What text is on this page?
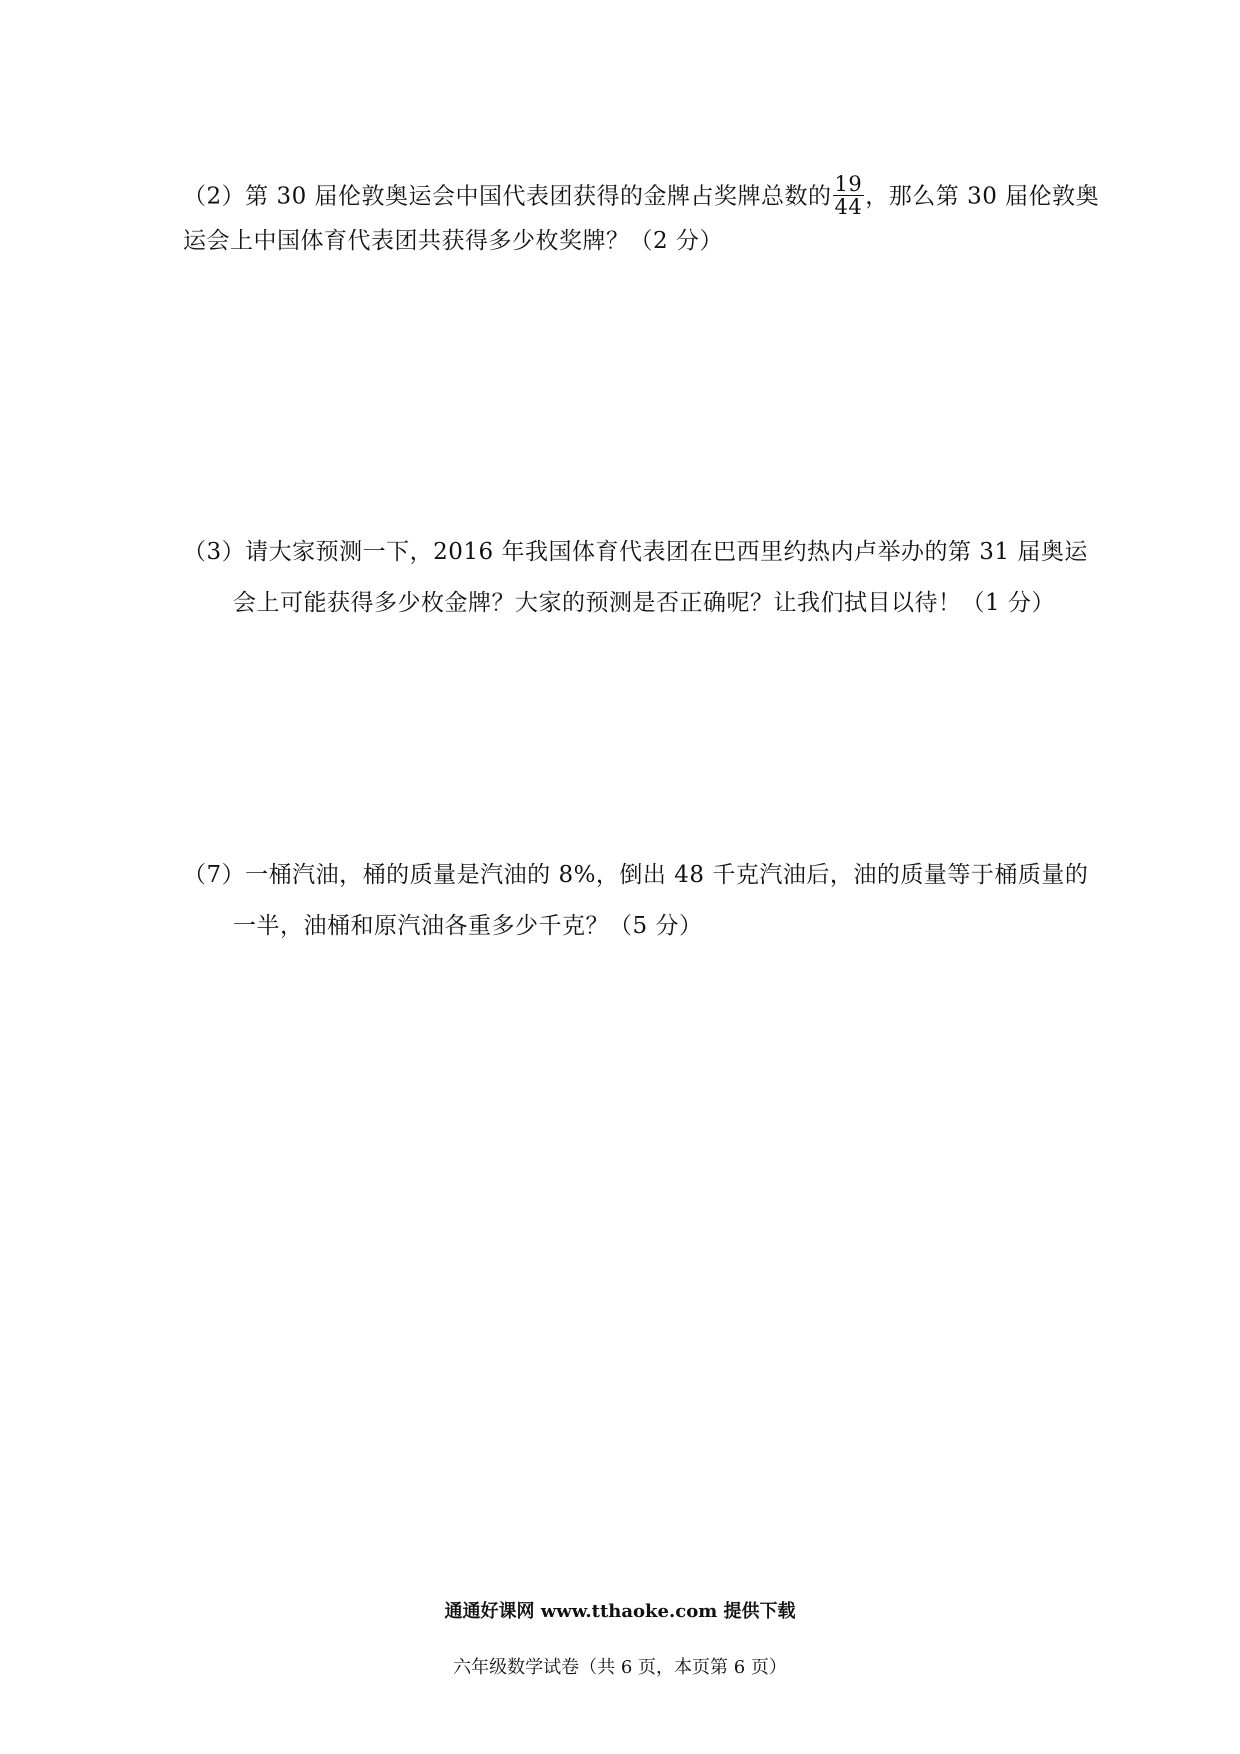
（2）第 30 届伦敦奥运会中国代表团获得的金牌占奖牌总数的 $\frac{19}{44}$ ，那么第 30 届伦敦奥
运会上中国体育代表团共获得多少枚奖牌？（2 分）
（3）请大家预测一下，2016 年我国体育代表团在巴西里约热内卢举办的第 31 届奥运
会上可能获得多少枚金牌？大家的预测是否正确呢？让我们拭目以待！（1 分）
（7）一桶汽油，桶的质量是汽油的 8%，倒出 48 千克汽油后，油的质量等于桶质量的
一半，油桶和原汽油各重多少千克？（5 分）
通通好课网 www.tthaoke.com 提供下载
六年级数学试卷（共 6 页，本页第 6 页）
